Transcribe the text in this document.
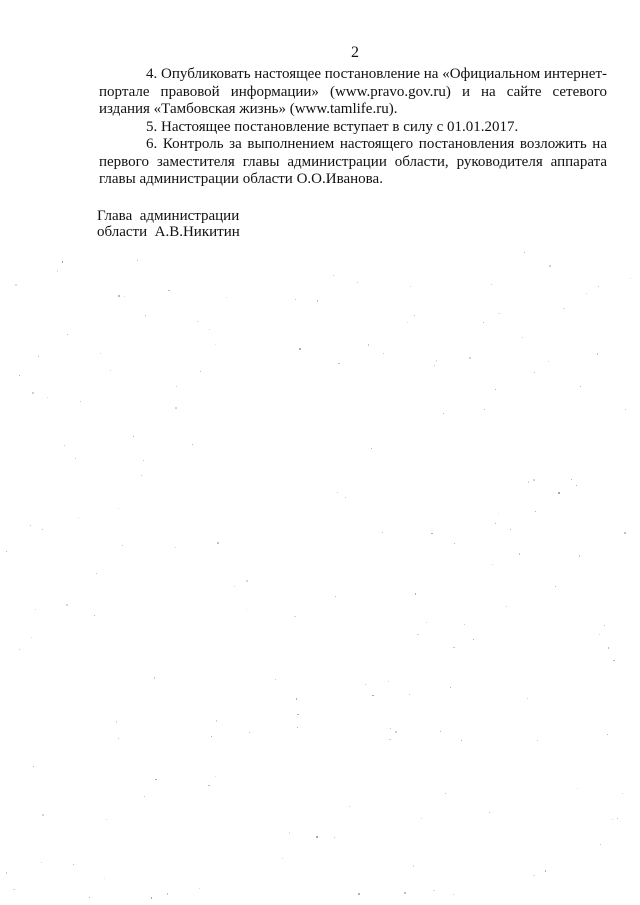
2

4. Опубликовать настоящее постановление на «Официальном интернет-портале правовой информации» (www.pravo.gov.ru) и на сайте сетевого издания «Тамбовская жизнь» (www.tamlife.ru).

5. Настоящее постановление вступает в силу с 01.01.2017.

6. Контроль за выполнением настоящего постановления возложить на первого заместителя главы администрации области, руководителя аппарата главы администрации области О.О.Иванова.

Глава  администрации
области  А.В.Никитин
